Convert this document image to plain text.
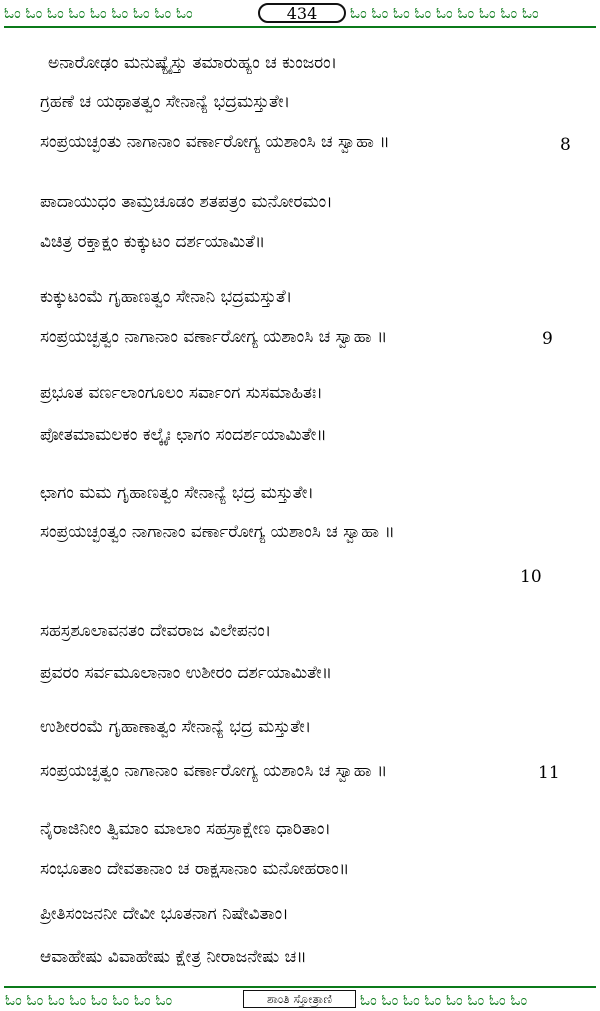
ಓಂ ಓಂ ಓಂ ಓಂ ಓಂ ಓಂ ಓಂ ಓಂ ಓಂ	434	ಓಂ ಓಂ ಓಂ ಓಂ ಓಂ ಓಂ ಓಂ ಓಂ ಓಂ
ಅನಾರೋಢಂ ಮನುಷ್ಯೈಸ್ತು ತಮಾರುಹ್ಯಂ ಚ ಕುಂಜರಂ।
ಗ್ರಹಣೆ ಚ ಯಥಾತತ್ವಂ ಸೇನಾನ್ಯೆ ಭದ್ರಮಸ್ತುತೇ।
ಸಂಪ್ರಯಚ್ಛಂತು ನಾಗಾನಾಂ ವರ್ಣಾರೋಗ್ಯ ಯಶಾಂಸಿ ಚ ಸ್ವಾಹಾ ॥	8
ಪಾದಾಯುಧಂ ತಾಮ್ರಚೂಡಂ ಶತಪತ್ರಂ ಮನೋರಮಂ।
ವಿಚಿತ್ರ ರಕ್ತಾಕ್ಷಂ ಕುಕ್ಕುಟಂ ದರ್ಶಯಾಮಿತೆ॥
ಕುಕ್ಕುಟಂಮೆ ಗೃಹಾಣತ್ವಂ ಸೇನಾನಿ ಭದ್ರಮಸ್ತುತೆ।
ಸಂಪ್ರಯಚ್ಛತ್ವಂ ನಾಗಾನಾಂ ವರ್ಣಾರೋಗ್ಯ ಯಶಾಂಸಿ ಚ ಸ್ವಾಹಾ ॥	9
ಪ್ರಭೂತ ವರ್ಣಲಾಂಗೂಲಂ ಸರ್ವಾಂಗ ಸುಸಮಾಹಿತಃ।
ಪೋತಮಾಮಲಕಂ ಕಲ್ಕೈಃ ಛಾಗಂ ಸಂದರ್ಶಯಾಮಿತೇ॥
ಛಾಗಂ ಮಮ ಗೃಹಾಣತ್ವಂ ಸೇನಾನ್ಯೆ ಭದ್ರ ಮಸ್ತುತೇ।
ಸಂಪ್ರಯಚ್ಛಂತ್ವಂ ನಾಗಾನಾಂ ವರ್ಣಾರೋಗ್ಯ ಯಶಾಂಸಿ ಚ ಸ್ವಾಹಾ ॥
10
ಸಹಸ್ರಶೂಲಾವನತಂ ದೇವರಾಜ ವಿಲೇಪನಂ।
ಪ್ರವರಂ ಸರ್ವಮೂಲಾನಾಂ ಉಶೀರಂ ದರ್ಶಯಾಮಿತೇ॥
ಉಶೀರಂಮೆ ಗೃಹಾಣಾತ್ವಂ ಸೇನಾನ್ಯೆ ಭದ್ರ ಮಸ್ತುತೇ।
ಸಂಪ್ರಯಚ್ಛತ್ವಂ ನಾಗಾನಾಂ ವರ್ಣಾರೋಗ್ಯ ಯಶಾಂಸಿ ಚ ಸ್ವಾಹಾ ॥	11
ನೈರಾಜಿನೀಂ ತ್ವಿಮಾಂ ಮಾಲಾಂ ಸಹಸ್ರಾಕ್ಷೇಣ ಧಾರಿತಾಂ।
ಸಂಭೂತಾಂ ದೇವತಾನಾಂ ಚ ರಾಕ್ಷಸಾನಾಂ ಮನೋಹರಾಂ॥
ಪ್ರೀತಿಸಂಜನನೀ ದೇವೀ ಭೂತನಾಗ ನಿಷೇವಿತಾಂ।
ಆವಾಹೇಷು ವಿವಾಹೇಷು ಕ್ಷೇತ್ರ ನೀರಾಜನೇಷು ಚ॥
ಓಂ ಓಂ ಓಂ ಓಂ ಓಂ ಓಂ ಓಂ ಓಂ	ಶಾಂತಿ ಸ್ತೋತ್ರಾಣಿ	ಓಂ ಓಂ ಓಂ ಓಂ ಓಂ ಓಂ ಓಂ ಓಂ
